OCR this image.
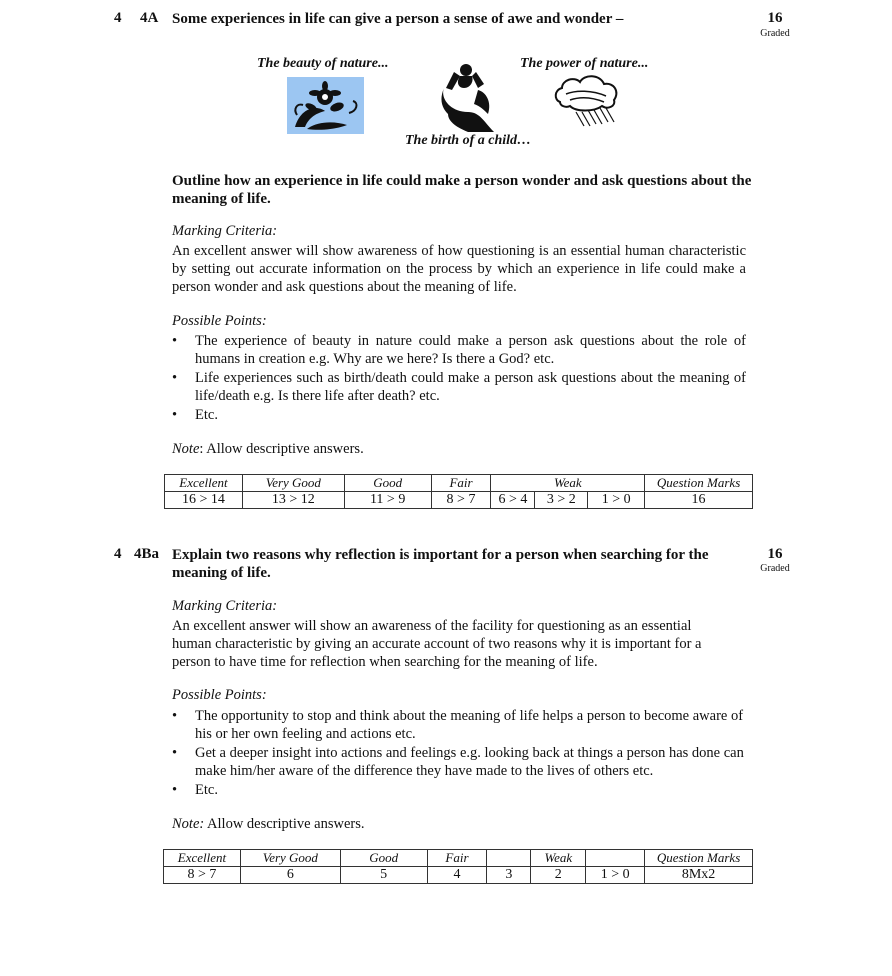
4 4A Some experiences in life can give a person a sense of awe and wonder –	16
Graded
The beauty of nature...	The power of nature...
The birth of a child…
Outline how an experience in life could make a person wonder and ask questions about the meaning of life.
Marking Criteria:
An excellent answer will show awareness of how questioning is an essential human characteristic by setting out accurate information on the process by which an experience in life could make a person wonder and ask questions about the meaning of life.
Possible Points:
• The experience of beauty in nature could make a person ask questions about the role of humans in creation e.g. Why are we here? Is there a God? etc.
• Life experiences such as birth/death could make a person ask questions about the meaning of life/death e.g. Is there life after death? etc.
• Etc.
Note: Allow descriptive answers.
Excellent	Very Good	Good	Fair	Weak			Question Marks
16 > 14	13 > 12	11 > 9	8 > 7	6 > 4	3 > 2	1 > 0	16
4 4Ba Explain two reasons why reflection is important for a person when searching for the meaning of life.
16
Graded
Marking Criteria:
An excellent answer will show an awareness of the facility for questioning as an essential
human characteristic by giving an accurate account of two reasons why it is important for a
person to have time for reflection when searching for the meaning of life.
Possible Points:
• The opportunity to stop and think about the meaning of life helps a person to become aware of his or her own feeling and actions etc.
• Get a deeper insight into actions and feelings e.g. looking back at things a person has done can make him/her aware of the difference they have made to the lives of others etc.
• Etc.
Note: Allow descriptive answers.
Excellent	Very Good	Good	Fair		Weak		Question Marks
8 > 7	6	5	4	3	2	1 > 0	8Mx2
